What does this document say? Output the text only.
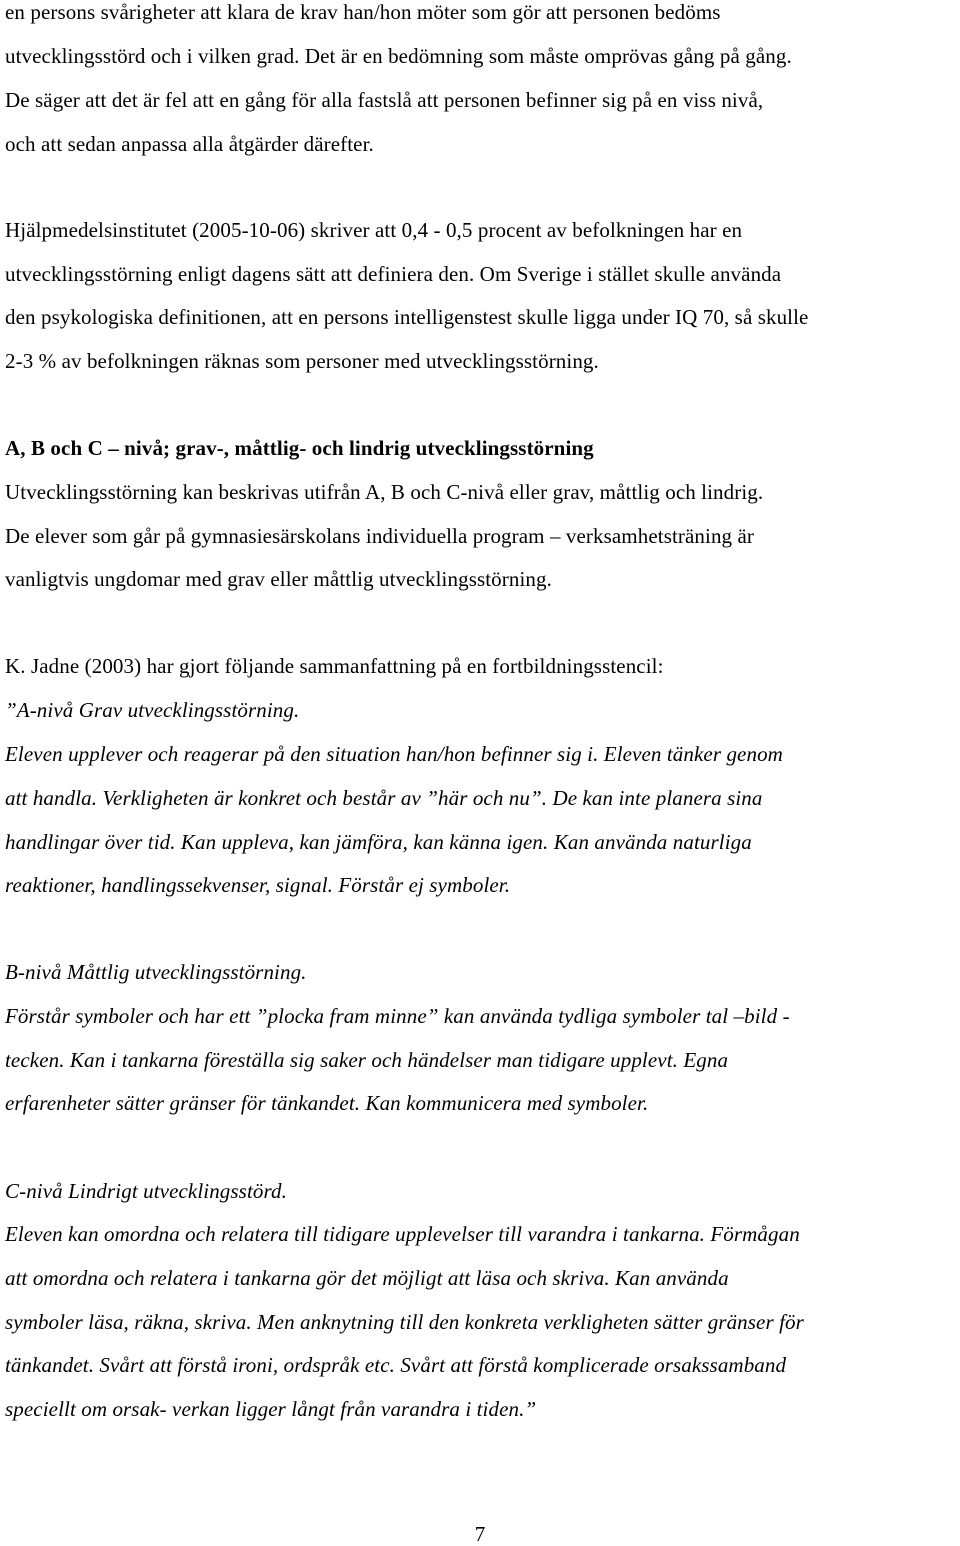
en persons svårigheter att klara de krav han/hon möter som gör att personen bedöms
utvecklingsstörd och i vilken grad. Det är en bedömning som måste omprövas gång på gång.
De säger att det är fel att en gång för alla fastslå att personen befinner sig på en viss nivå,
och att sedan anpassa alla åtgärder därefter.
Hjälpmedelsinstitutet (2005-10-06) skriver att 0,4 - 0,5 procent av befolkningen har en
utvecklingsstörning enligt dagens sätt att definiera den. Om Sverige i stället skulle använda
den psykologiska definitionen, att en persons intelligenstest skulle ligga under IQ 70, så skulle
2-3 % av befolkningen räknas som personer med utvecklingsstörning.
A, B och C – nivå; grav-, måttlig- och lindrig utvecklingsstörning
Utvecklingsstörning kan beskrivas utifrån A, B och C-nivå eller grav, måttlig och lindrig.
De elever som går på gymnasiesärskolans individuella program – verksamhetsträning är
vanligtvis ungdomar med grav eller måttlig utvecklingsstörning.
K. Jadne (2003) har gjort följande sammanfattning på en fortbildningsstencil:
”A-nivå Grav utvecklingsstörning.
Eleven upplever och reagerar på den situation han/hon befinner sig i. Eleven tänker genom
att handla. Verkligheten är konkret och består av ”här och nu”. De kan inte planera sina
handlingar över tid. Kan uppleva, kan jämföra, kan känna igen. Kan använda naturliga
reaktioner, handlingssekvenser, signal. Förstår ej symboler.
B-nivå Måttlig utvecklingsstörning.
Förstår symboler och har ett ”plocka fram minne” kan använda tydliga symboler tal –bild -
tecken. Kan i tankarna föreställa sig saker och händelser man tidigare upplevt. Egna
erfarenheter sätter gränser för tänkandet. Kan kommunicera med symboler.
C-nivå Lindrigt utvecklingsstörd.
Eleven kan omordna och relatera till tidigare upplevelser till varandra i tankarna. Förmågan
att omordna och relatera i tankarna gör det möjligt att läsa och skriva. Kan använda
symboler läsa, räkna, skriva. Men anknytning till den konkreta verkligheten sätter gränser för
tänkandet. Svårt att förstå ironi, ordspråk etc. Svårt att förstå komplicerade orsakssamband
speciellt om orsak- verkan ligger långt från varandra i tiden.”
7
